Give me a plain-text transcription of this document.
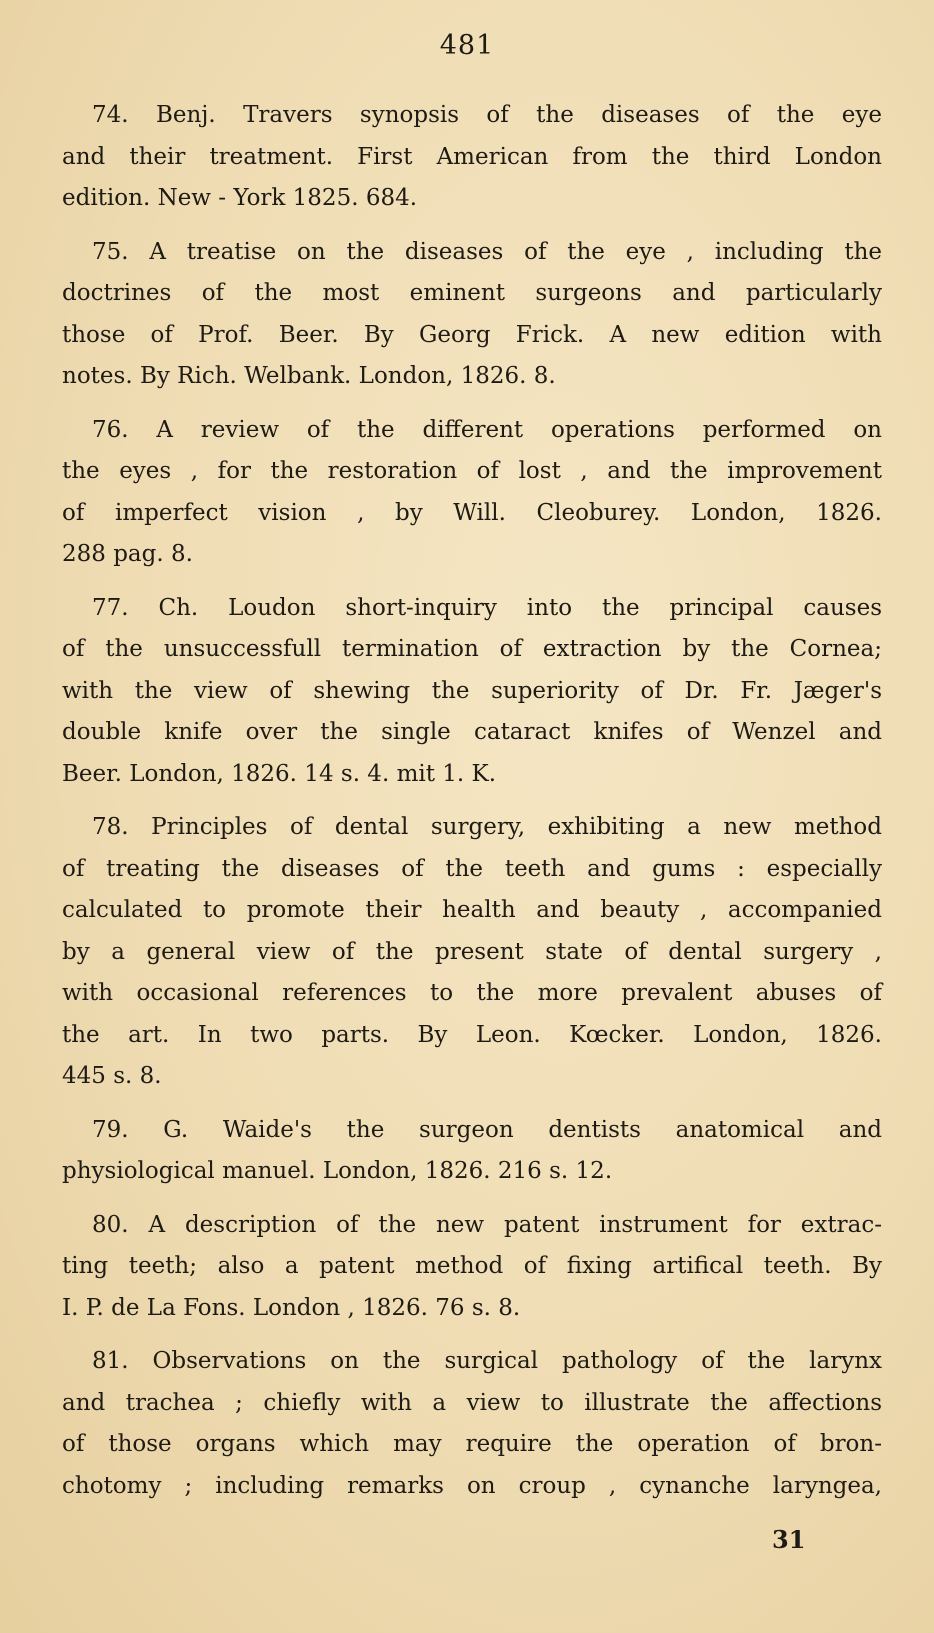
481
74. Benj. Travers synopsis of the diseases of the eye
and their treatment. First American from the third London
edition. New - York 1825. 684.
75. A treatise on the diseases of the eye , including the
doctrines of the most eminent surgeons and particularly
those of Prof. Beer. By Georg Frick. A new edition with
notes. By Rich. Welbank. London, 1826. 8.
76. A review of the different operations performed on
the eyes , for the restoration of lost , and the improvement
of imperfect vision , by Will. Cleoburey. London, 1826.
288 pag. 8.
77. Ch. Loudon short-inquiry into the principal causes
of the unsuccessfull termination of extraction by the Cornea;
with the view of shewing the superiority of Dr. Fr. Jæger's
double knife over the single cataract knifes of Wenzel and
Beer. London, 1826. 14 s. 4. mit 1. K.
78. Principles of dental surgery, exhibiting a new method
of treating the diseases of the teeth and gums : especially
calculated to promote their health and beauty , accompanied
by a general view of the present state of dental surgery ,
with occasional references to the more prevalent abuses of
the art. In two parts. By Leon. Kœcker. London, 1826.
445 s. 8.
79. G. Waide's the surgeon dentists anatomical and
physiological manuel. London, 1826. 216 s. 12.
80. A description of the new patent instrument for extrac-
ting teeth; also a patent method of fixing artifical teeth. By
I. P. de La Fons. London , 1826. 76 s. 8.
81. Observations on the surgical pathology of the larynx
and trachea ; chiefly with a view to illustrate the affections
of those organs which may require the operation of bron-
chotomy ; including remarks on croup , cynanche laryngea,
31
